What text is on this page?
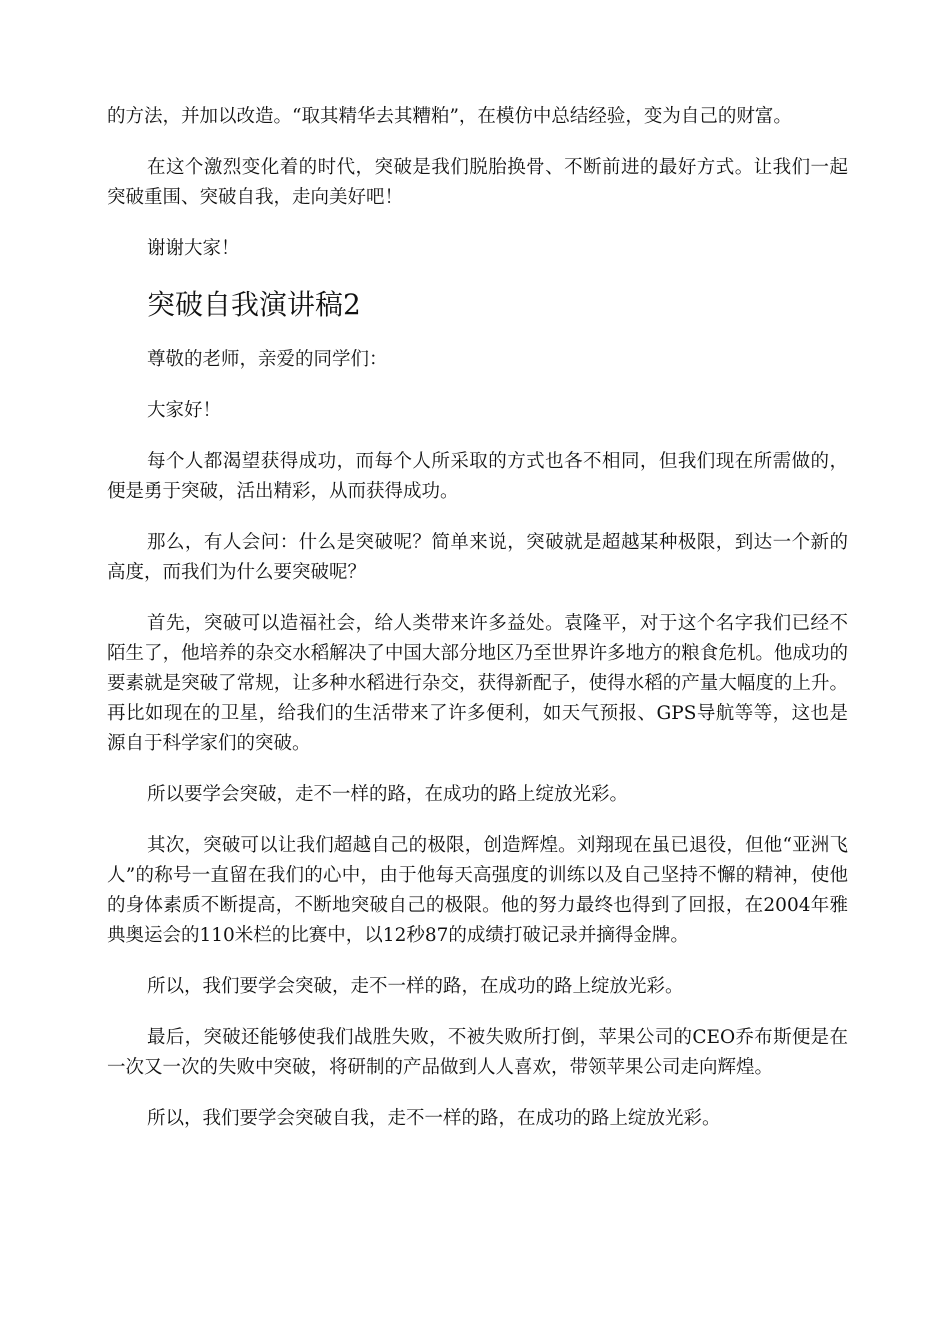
的方法，并加以改造。“取其精华去其糟粕”，在模仿中总结经验，变为自己的财富。

在这个激烈变化着的时代，突破是我们脱胎换骨、不断前进的最好方式。让我们一起突破重围、突破自我，走向美好吧！

谢谢大家！

突破自我演讲稿2

尊敬的老师，亲爱的同学们：

大家好！

每个人都渴望获得成功，而每个人所采取的方式也各不相同，但我们现在所需做的，便是勇于突破，活出精彩，从而获得成功。

那么，有人会问：什么是突破呢？简单来说，突破就是超越某种极限，到达一个新的高度，而我们为什么要突破呢？

首先，突破可以造福社会，给人类带来许多益处。袁隆平，对于这个名字我们已经不陌生了，他培养的杂交水稻解决了中国大部分地区乃至世界许多地方的粮食危机。他成功的要素就是突破了常规，让多种水稻进行杂交，获得新配子，使得水稻的产量大幅度的上升。再比如现在的卫星，给我们的生活带来了许多便利，如天气预报、GPS导航等等，这也是源自于科学家们的突破。

所以要学会突破，走不一样的路，在成功的路上绽放光彩。

其次，突破可以让我们超越自己的极限，创造辉煌。刘翔现在虽已退役，但他“亚洲飞人”的称号一直留在我们的心中，由于他每天高强度的训练以及自己坚持不懈的精神，使他的身体素质不断提高，不断地突破自己的极限。他的努力最终也得到了回报，在2004年雅典奥运会的110米栏的比赛中，以12秒87的成绩打破记录并摘得金牌。

所以，我们要学会突破，走不一样的路，在成功的路上绽放光彩。

最后，突破还能够使我们战胜失败，不被失败所打倒，苹果公司的CEO乔布斯便是在一次又一次的失败中突破，将研制的产品做到人人喜欢，带领苹果公司走向辉煌。

所以，我们要学会突破自我，走不一样的路，在成功的路上绽放光彩。
